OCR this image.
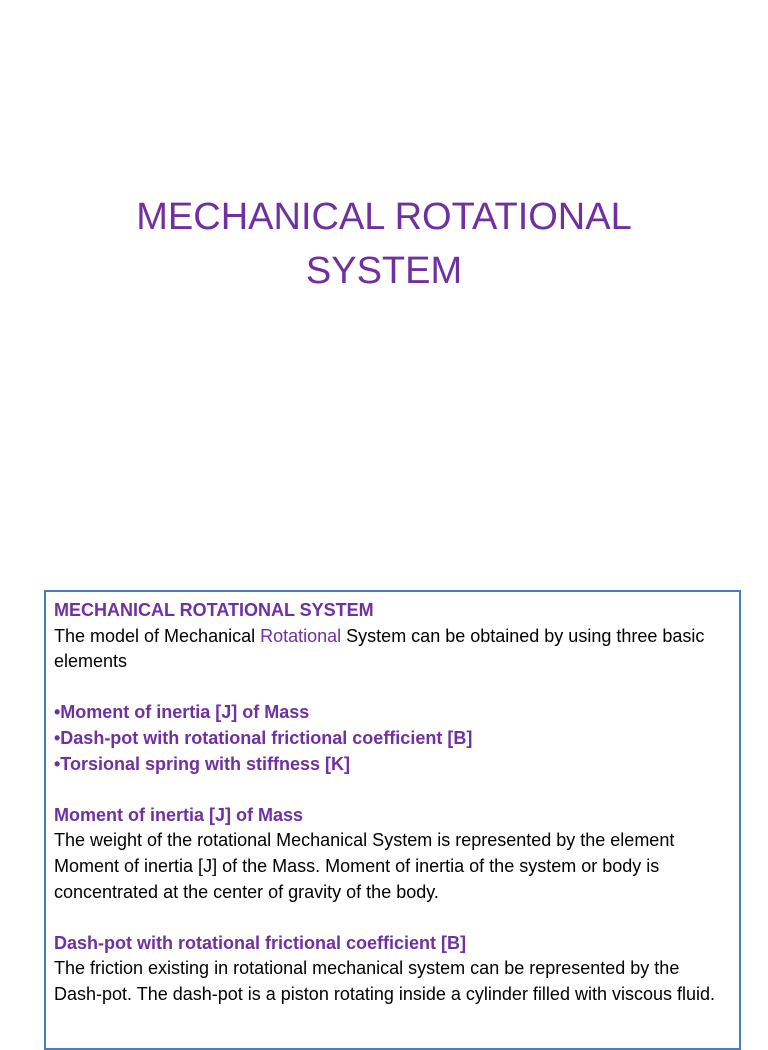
MECHANICAL ROTATIONAL
SYSTEM

MECHANICAL ROTATIONAL SYSTEM

The model of Mechanical Rotational System can be obtained by using three basic elements

•Moment of inertia [J] of Mass
•Dash-pot with rotational frictional coefficient [B]
•Torsional spring with stiffness [K]

Moment of inertia [J] of Mass

The weight of the rotational Mechanical System is represented by the element Moment of inertia [J] of the Mass. Moment of inertia of the system or body is concentrated at the center of gravity of the body.

Dash-pot with rotational frictional coefficient [B]

The friction existing in rotational mechanical system can be represented by the Dash-pot. The dash-pot is a piston rotating inside a cylinder filled with viscous fluid.
